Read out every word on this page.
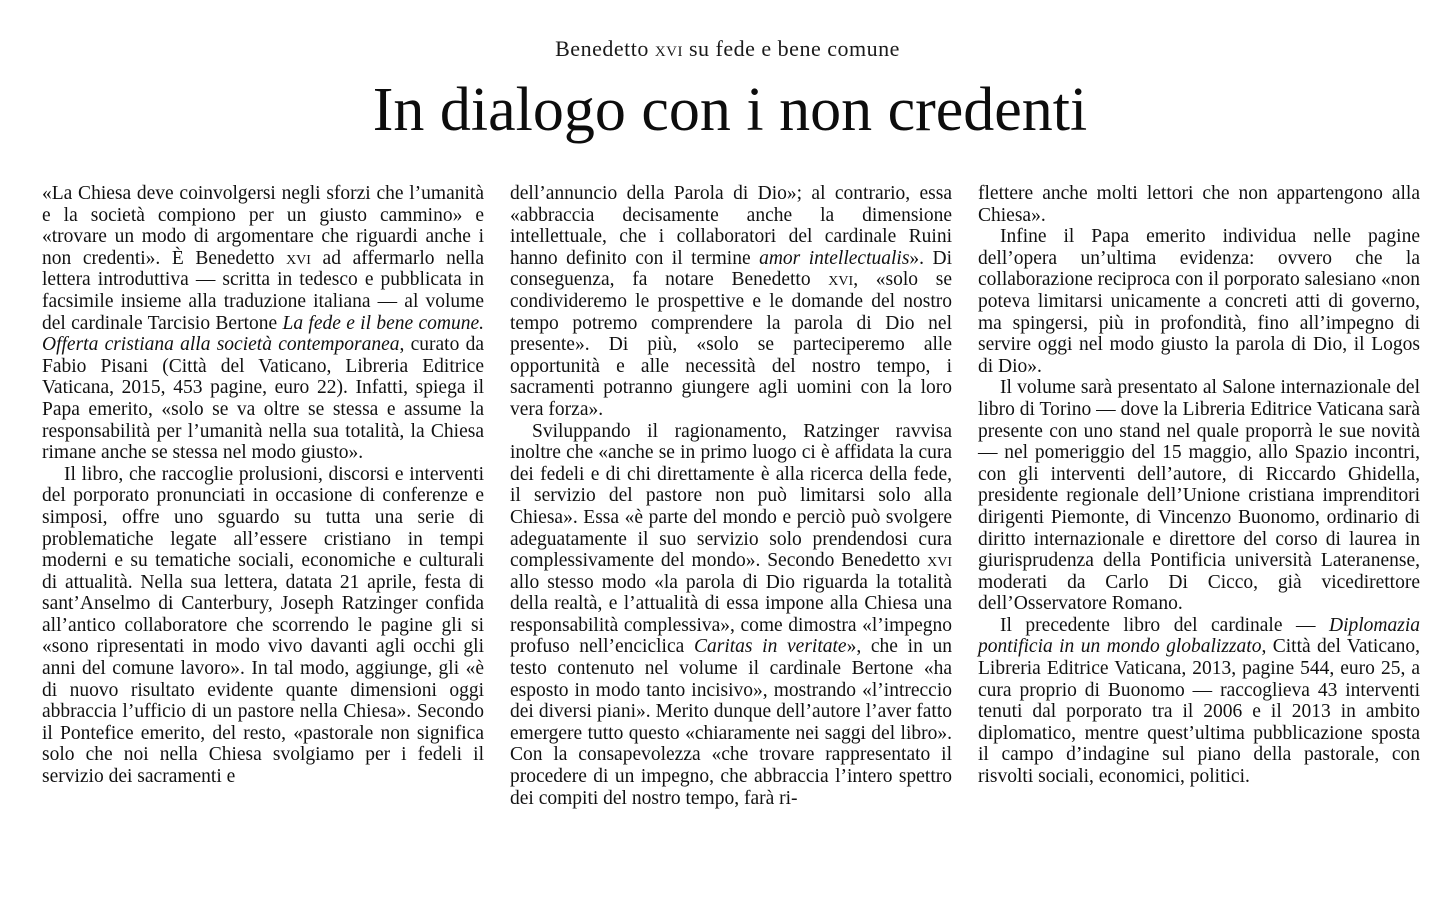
Benedetto xvi su fede e bene comune
In dialogo con i non credenti

«La Chiesa deve coinvolgersi negli sforzi che l’umanità e la società compiono per un giusto cammino» e «trovare un modo di argomentare che riguardi anche i non credenti». È Benedetto xvi ad affermarlo nella lettera introduttiva — scritta in tedesco e pubblicata in facsimile insieme alla traduzione italiana — al volume del cardinale Tarcisio Bertone La fede e il bene comune. Offerta cristiana alla società contemporanea, curato da Fabio Pisani (Città del Vaticano, Libreria Editrice Vaticana, 2015, 453 pagine, euro 22). Infatti, spiega il Papa emerito, «solo se va oltre se stessa e assume la responsabilità per l’umanità nella sua totalità, la Chiesa rimane anche se stessa nel modo giusto».

Il libro, che raccoglie prolusioni, discorsi e interventi del porporato pronunciati in occasione di conferenze e simposi, offre uno sguardo su tutta una serie di problematiche legate all’essere cristiano in tempi moderni e su tematiche sociali, economiche e culturali di attualità. Nella sua lettera, datata 21 aprile, festa di sant’Anselmo di Canterbury, Joseph Ratzinger confida all’antico collaboratore che scorrendo le pagine gli si «sono ripresentati in modo vivo davanti agli occhi gli anni del comune lavoro». In tal modo, aggiunge, gli «è di nuovo risultato evidente quante dimensioni oggi abbraccia l’ufficio di un pastore nella Chiesa». Secondo il Pontefice emerito, del resto, «pastorale non significa solo che noi nella Chiesa svolgiamo per i fedeli il servizio dei sacramenti e

dell’annuncio della Parola di Dio»; al contrario, essa «abbraccia decisamente anche la dimensione intellettuale, che i collaboratori del cardinale Ruini hanno definito con il termine amor intellectualis». Di conseguenza, fa notare Benedetto xvi, «solo se condivideremo le prospettive e le domande del nostro tempo potremo comprendere la parola di Dio nel presente». Di più, «solo se parteciperemo alle opportunità e alle necessità del nostro tempo, i sacramenti potranno giungere agli uomini con la loro vera forza».

Sviluppando il ragionamento, Ratzinger ravvisa inoltre che «anche se in primo luogo ci è affidata la cura dei fedeli e di chi direttamente è alla ricerca della fede, il servizio del pastore non può limitarsi solo alla Chiesa». Essa «è parte del mondo e perciò può svolgere adeguatamente il suo servizio solo prendendosi cura complessivamente del mondo». Secondo Benedetto xvi allo stesso modo «la parola di Dio riguarda la totalità della realtà, e l’attualità di essa impone alla Chiesa una responsabilità complessiva», come dimostra «l’impegno profuso nell’enciclica Caritas in veritate», che in un testo contenuto nel volume il cardinale Bertone «ha esposto in modo tanto incisivo», mostrando «l’intreccio dei diversi piani». Merito dunque dell’autore l’aver fatto emergere tutto questo «chiaramente nei saggi del libro». Con la consapevolezza «che trovare rappresentato il procedere di un impegno, che abbraccia l’intero spettro dei compiti del nostro tempo, farà ri-

flettere anche molti lettori che non appartengono alla Chiesa».

Infine il Papa emerito individua nelle pagine dell’opera un’ultima evidenza: ovvero che la collaborazione reciproca con il porporato salesiano «non poteva limitarsi unicamente a concreti atti di governo, ma spingersi, più in profondità, fino all’impegno di servire oggi nel modo giusto la parola di Dio, il Logos di Dio».

Il volume sarà presentato al Salone internazionale del libro di Torino — dove la Libreria Editrice Vaticana sarà presente con uno stand nel quale proporrà le sue novità — nel pomeriggio del 15 maggio, allo Spazio incontri, con gli interventi dell’autore, di Riccardo Ghidella, presidente regionale dell’Unione cristiana imprenditori dirigenti Piemonte, di Vincenzo Buonomo, ordinario di diritto internazionale e direttore del corso di laurea in giurisprudenza della Pontificia università Lateranense, moderati da Carlo Di Cicco, già vicedirettore dell’Osservatore Romano.

Il precedente libro del cardinale — Diplomazia pontificia in un mondo globalizzato, Città del Vaticano, Libreria Editrice Vaticana, 2013, pagine 544, euro 25, a cura proprio di Buonomo — raccoglieva 43 interventi tenuti dal porporato tra il 2006 e il 2013 in ambito diplomatico, mentre quest’ultima pubblicazione sposta il campo d’indagine sul piano della pastorale, con risvolti sociali, economici, politici.
